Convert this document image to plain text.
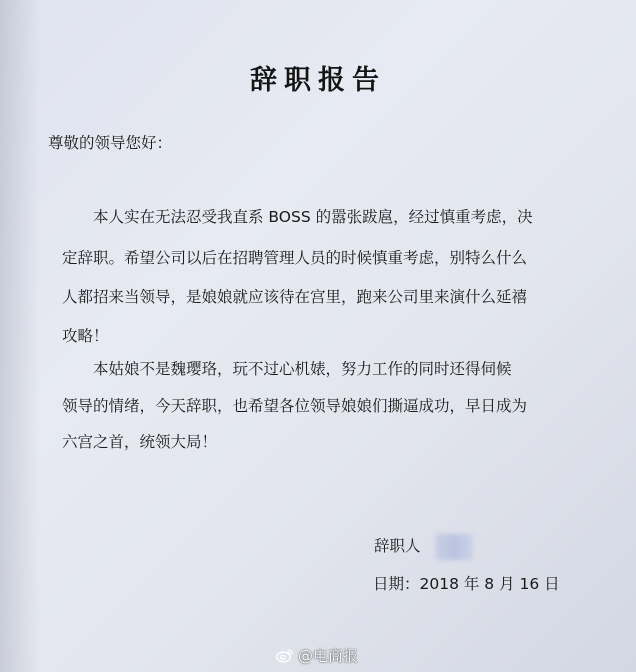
辞职报告
尊敬的领导您好：
本人实在无法忍受我直系 BOSS 的嚣张跋扈，经过慎重考虑，决
定辞职。希望公司以后在招聘管理人员的时候慎重考虑，别特么什么
人都招来当领导，是娘娘就应该待在宫里，跑来公司里来演什么延禧
攻略！
本姑娘不是魏璎珞，玩不过心机婊，努力工作的同时还得伺候
领导的情绪，今天辞职，也希望各位领导娘娘们撕逼成功，早日成为
六宫之首，统领大局！
辞职人
日期：2018 年 8 月 16 日
@电商报
